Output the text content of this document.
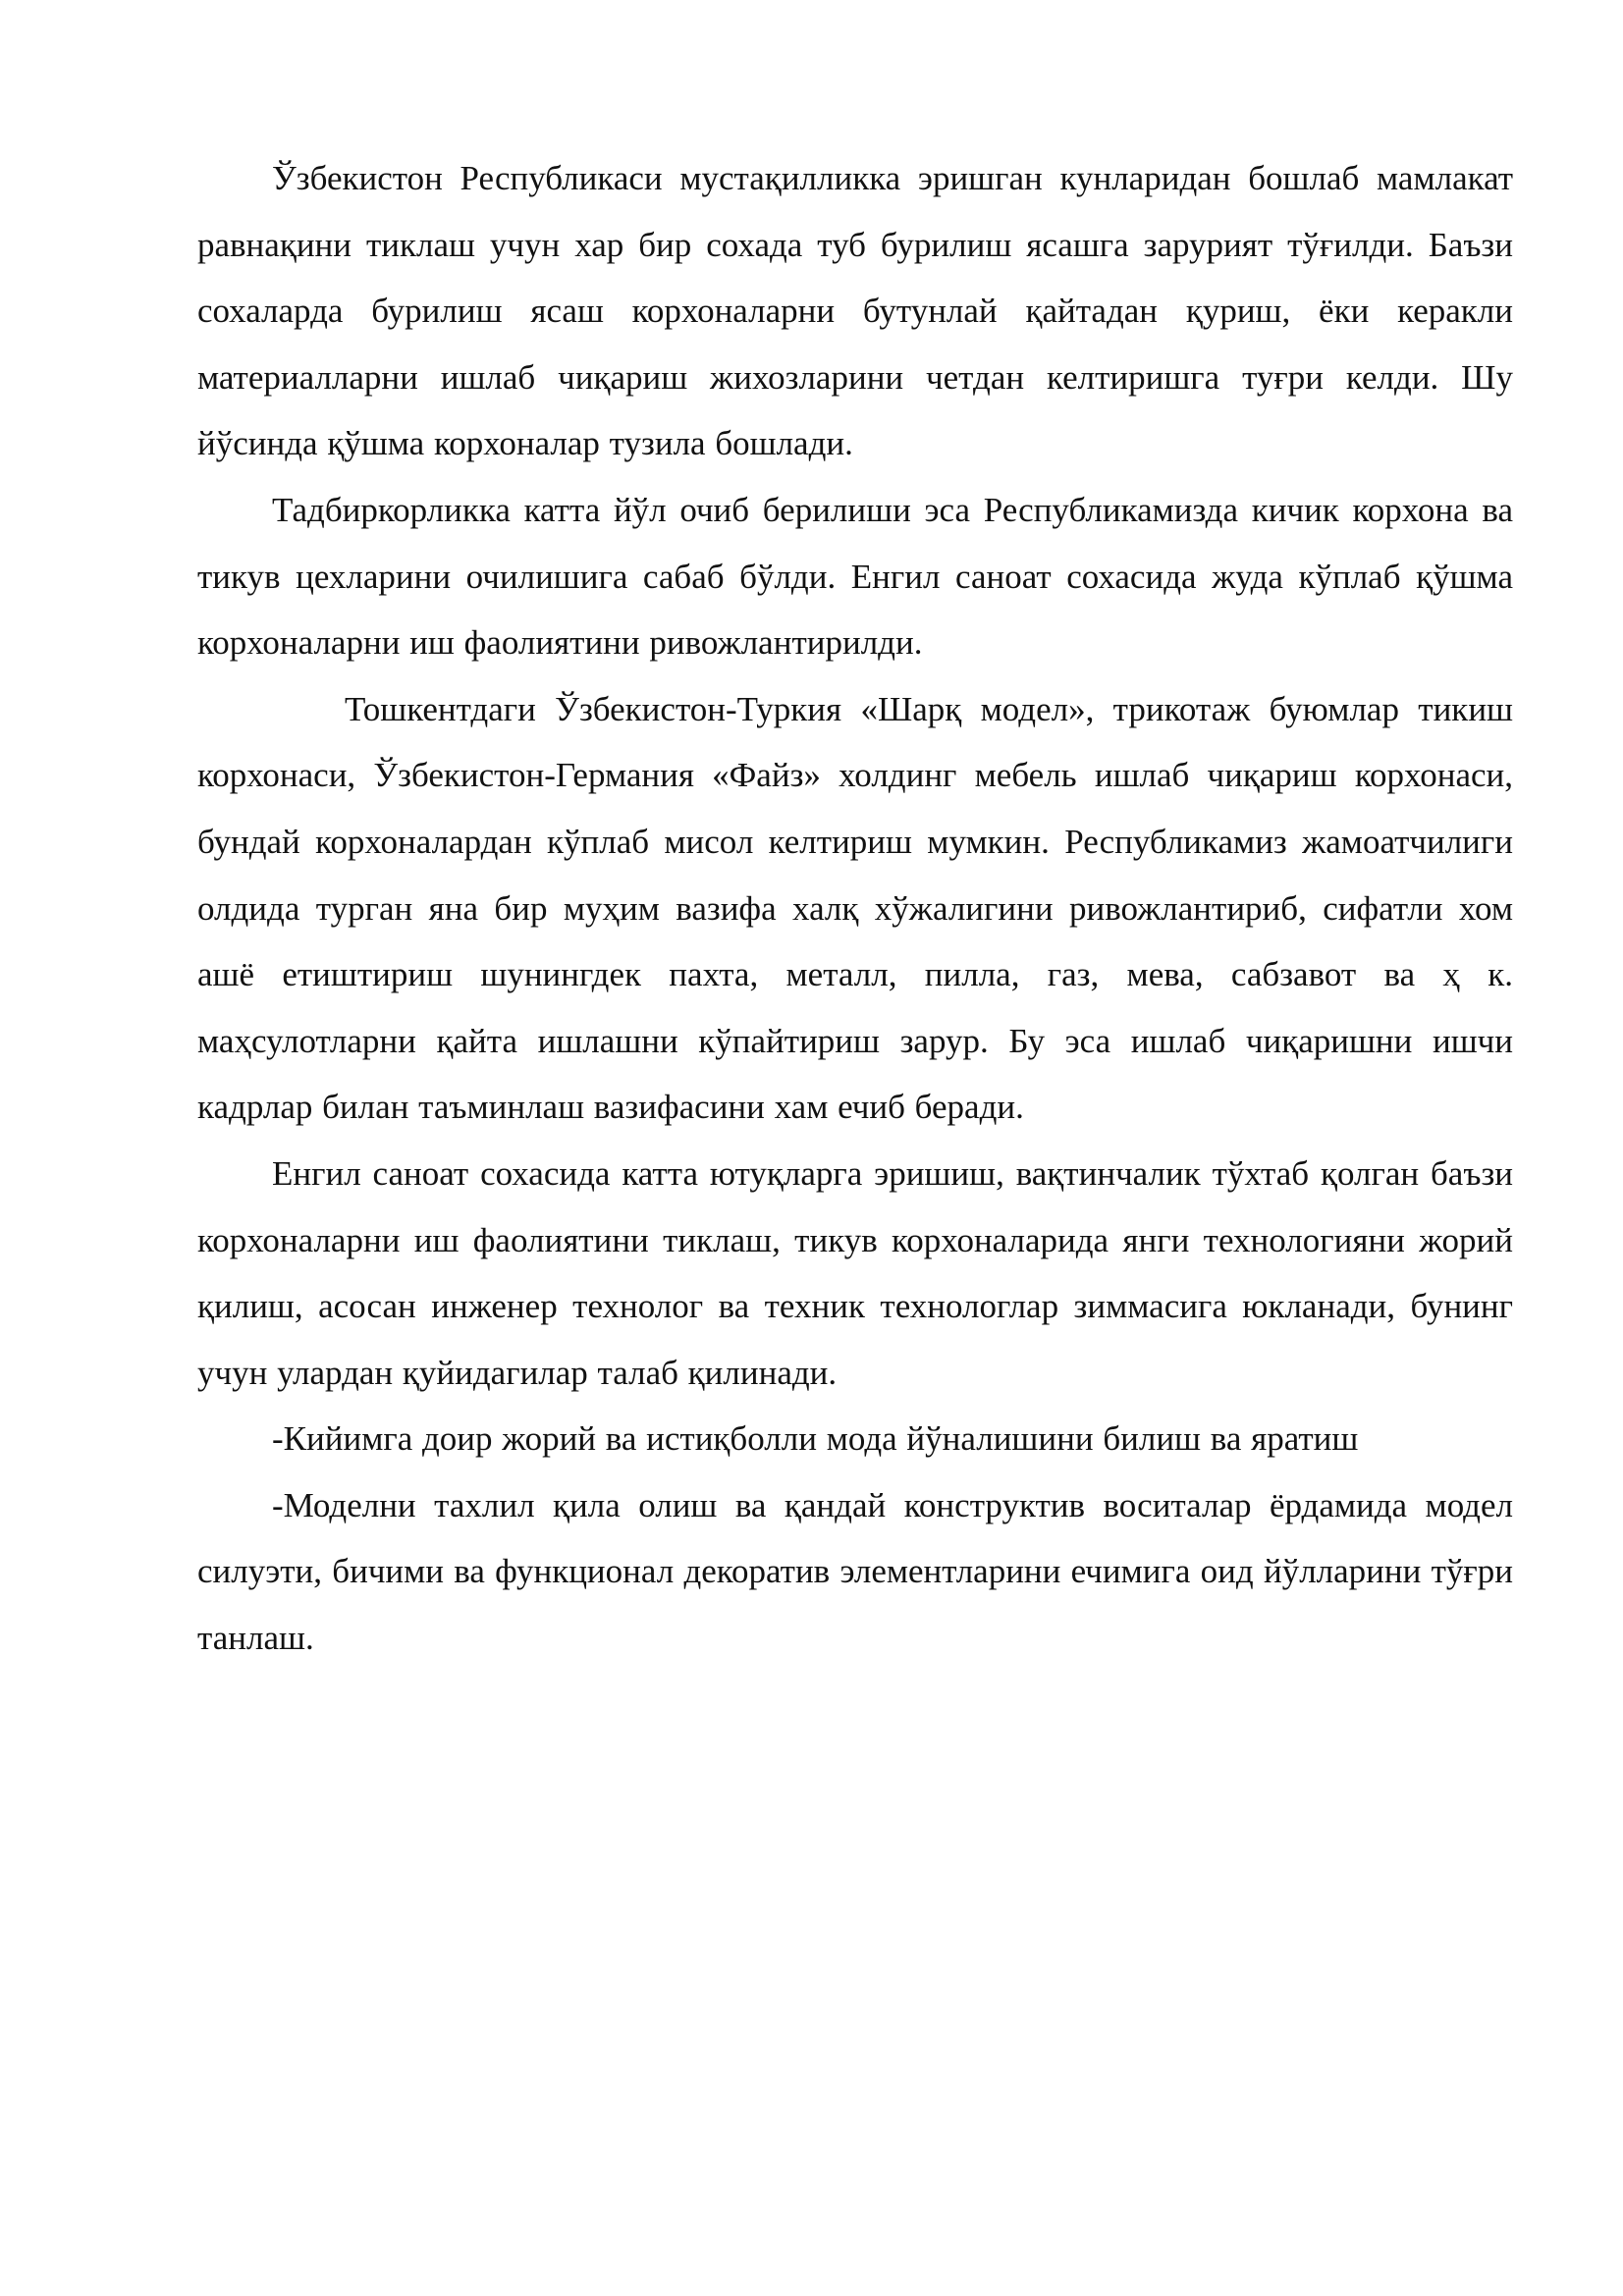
Ўзбекистон Республикаси мустақилликка эришган кунларидан бошлаб мамлакат равнақини тиклаш учун хар бир сохада туб бурилиш ясашга зарурият тўғилди. Баъзи сохаларда бурилиш ясаш корхоналарни бутунлай қайтадан қуриш, ёки керакли материалларни ишлаб чиқариш жихозларини четдан келтиришга туғри келди. Шу йўсинда қўшма корхоналар тузила бошлади.

Тадбиркорликка катта йўл очиб берилиши эса Республикамизда кичик корхона ва тикув цехларини очилишига сабаб бўлди. Енгил саноат сохасида жуда кўплаб қўшма корхоналарни иш фаолиятини ривожлантирилди.

Тошкентдаги Ўзбекистон-Туркия «Шарқ модел», трикотаж буюмлар тикиш корхонаси, Ўзбекистон-Германия «Файз» холдинг мебель ишлаб чиқариш корхонаси, бундай корхоналардан кўплаб мисол келтириш мумкин. Республикамиз жамоатчилиги олдида турган яна бир муҳим вазифа халқ хўжалигини ривожлантириб, сифатли хом ашё етиштириш шунингдек пахта, металл, пилла, газ, мева, сабзавот ва ҳ к. маҳсулотларни қайта ишлашни кўпайтириш зарур. Бу эса ишлаб чиқаришни ишчи кадрлар билан таъминлаш вазифасини хам ечиб беради.

Енгил саноат сохасида катта ютуқларга эришиш, вақтинчалик тўхтаб қолган баъзи корхоналарни иш фаолиятини тиклаш, тикув корхоналарида янги технологияни жорий қилиш, асосан инженер технолог ва техник технологлар зиммасига юкланади, бунинг учун улардан қуйидагилар талаб қилинади.

-Кийимга доир жорий ва истиқболли мода йўналишини билиш ва яратиш

-Моделни тахлил қила олиш ва қандай конструктив воситалар ёрдамида модел силуэти, бичими ва функционал декоратив элементларини ечимига оид йўлларини тўғри танлаш.
